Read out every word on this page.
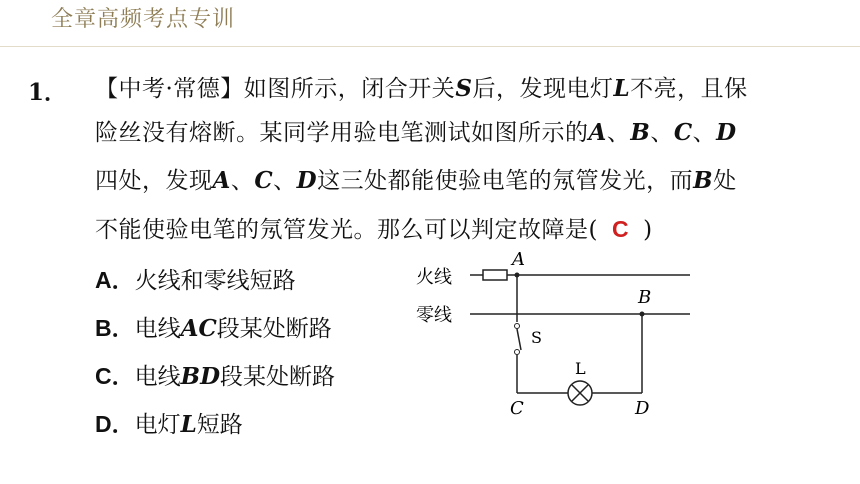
全章高频考点专训
1． 【中考·常德】如图所示，闭合开关S后，发现电灯L不亮，且保
险丝没有熔断。某同学用验电笔测试如图所示的A、B、C、D
四处，发现A、C、D这三处都能使验电笔的氖管发光，而B处
不能使验电笔的氖管发光。那么可以判定故障是( C )
A．火线和零线短路
B．电线AC段某处断路
C．电线BD段某处断路
D．电灯L短路
火线
零线
A
B
S
L
C	D
